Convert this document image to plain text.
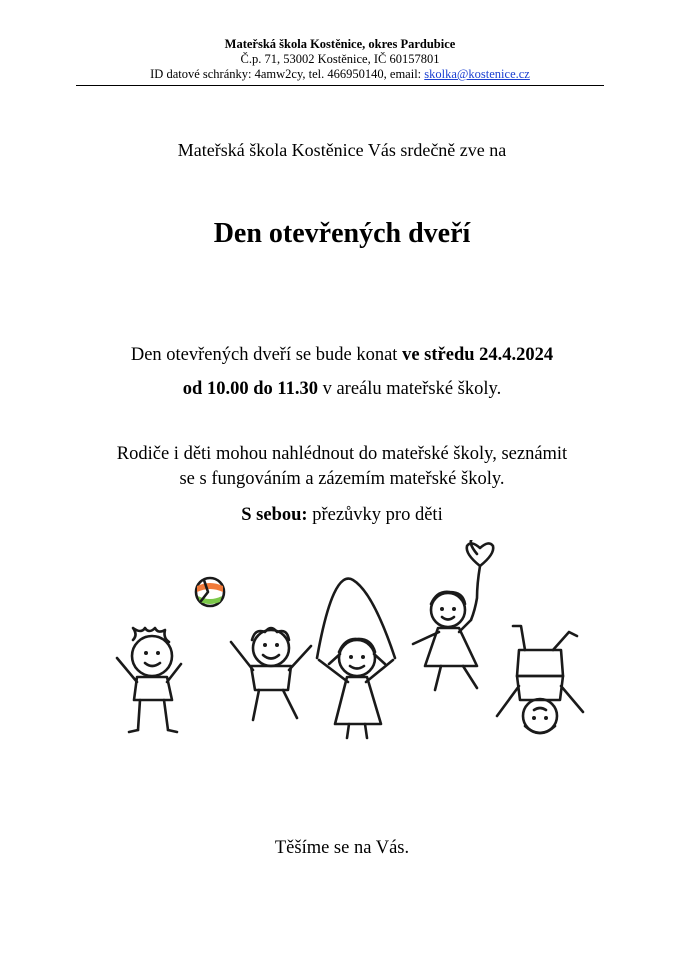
Mateřská škola Kostěnice, okres Pardubice
Č.p. 71, 53002 Kostěnice, IČ 60157801
ID datové schránky: 4amw2cy, tel. 466950140, email: skolka@kostenice.cz
Mateřská škola Kostěnice Vás srdečně zve na
Den otevřených dveří
Den otevřených dveří se bude konat ve středu 24.4.2024
od 10.00 do 11.30 v areálu mateřské školy.
Rodiče i děti mohou nahlédnout do mateřské školy, seznámit
se s fungováním a zázemím mateřské školy.
S sebou: přezůvky pro děti
Těšíme se na Vás.
